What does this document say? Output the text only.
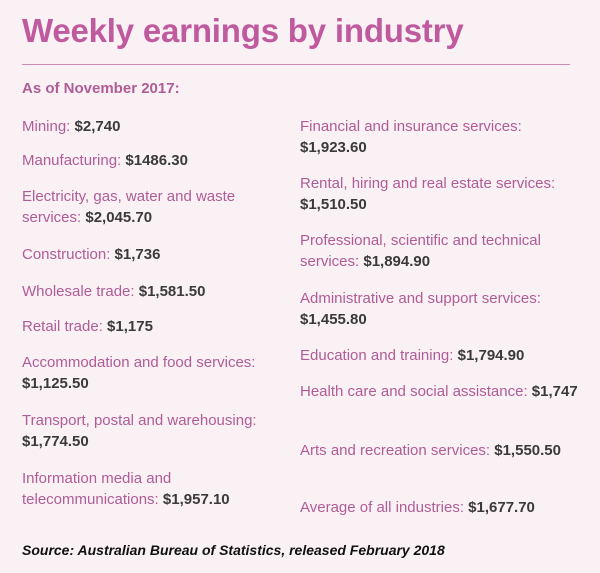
Weekly earnings by industry
As of November 2017:
Mining: $2,740
Manufacturing: $1486.30
Electricity, gas, water and waste services: $2,045.70
Construction: $1,736
Wholesale trade: $1,581.50
Retail trade: $1,175
Accommodation and food services: $1,125.50
Transport, postal and warehousing: $1,774.50
Information media and telecommunications: $1,957.10
Financial and insurance services: $1,923.60
Rental, hiring and real estate services: $1,510.50
Professional, scientific and technical services: $1,894.90
Administrative and support services: $1,455.80
Education and training: $1,794.90
Health care and social assistance: $1,747
Arts and recreation services: $1,550.50
Average of all industries: $1,677.70
Source: Australian Bureau of Statistics, released February 2018
